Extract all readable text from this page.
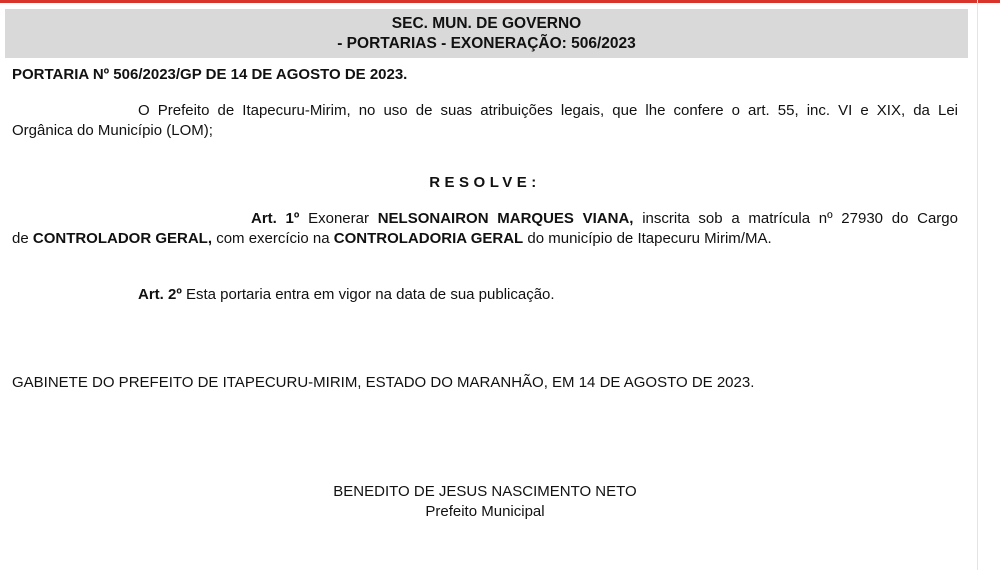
SEC. MUN. DE GOVERNO
- PORTARIAS - EXONERAÇÃO: 506/2023
PORTARIA Nº 506/2023/GP DE 14 DE AGOSTO DE 2023.
O Prefeito de Itapecuru-Mirim, no uso de suas atribuições legais, que lhe confere o art. 55, inc. VI e XIX, da Lei
Orgânica do Município (LOM);
RESOLVE:
Art. 1º Exonerar NELSONAIRON MARQUES VIANA, inscrita sob a matrícula nº 27930 do Cargo
de CONTROLADOR GERAL, com exercício na CONTROLADORIA GERAL do município de Itapecuru Mirim/MA.
Art. 2º Esta portaria entra em vigor na data de sua publicação.
GABINETE DO PREFEITO DE ITAPECURU-MIRIM, ESTADO DO MARANHÃO, EM 14 DE AGOSTO DE 2023.
BENEDITO DE JESUS NASCIMENTO NETO
Prefeito Municipal
